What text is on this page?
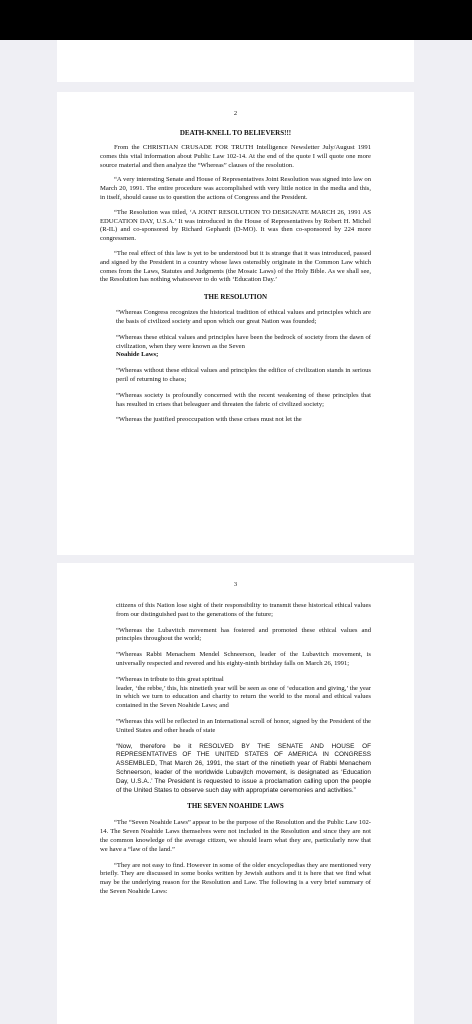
2
DEATH-KNELL TO BELIEVERS!!!

From the CHRISTIAN CRUSADE FOR TRUTH Intelligence Newsletter July/August 1991 comes this vital information about Public Law 102-14. At the end of the quote I will quote one more source material and then analyze the “Whereas” clauses of the resolution.

“A very interesting Senate and House of Representatives Joint Resolution was signed into law on March 20, 1991. The entire procedure was accomplished with very little notice in the media and this, in itself, should cause us to question the actions of Congress and the President.

“The Resolution was titled, ‘A JOINT RESOLUTION TO DESIGNATE MARCH 26, 1991 AS EDUCATION DAY, U.S.A.’ It was introduced in the House of Representatives by Robert H. Michel (R-IL) and co-sponsored by Richard Gephardt (D-MO). It was then co-sponsored by 224 more congressmen.

“The real effect of this law is yet to be understood but it is strange that it was introduced, passed and signed by the President in a country whose laws ostensibly originate in the Common Law which comes from the Laws, Statutes and Judgments (the Mosaic Laws) of the Holy Bible. As we shall see, the Resolution has nothing whatsoever to do with ‘Education Day.’

THE RESOLUTION

“Whereas Congress recognizes the historical tradition of ethical values and principles which are the basis of civilized society and upon which our great Nation was founded;

“Whereas these ethical values and principles have been the bedrock of society from the dawn of civilization, when they were known as the Seven

Noahide Laws;

“Whereas without these ethical values and principles the edifice of civilization stands in serious peril of returning to chaos;

“Whereas society is profoundly concerned with the recent weakening of these principles that has resulted in crises that beleaguer and threaten the fabric of civilized society;

“Whereas the justified preoccupation with these crises must not let the

3

citizens of this Nation lose sight of their responsibility to transmit these historical ethical values from our distinguished past to the generations of the future;

“Whereas the Lubavitch movement has fostered and promoted these ethical values and principles throughout the world;

“Whereas Rabbi Menachem Mendel Schneerson, leader of the Lubavitch movement, is universally respected and revered and his eighty-ninth birthday falls on March 26, 1991;

“Whereas in tribute to this great spiritual

leader, ‘the rebbe,’ this, his ninetieth year will be seen as one of ‘education and giving,’ the year in which we turn to education and charity to return the world to the moral and ethical values contained in the Seven Noahide Laws; and

“Whereas this will be reflected in an International scroll of honor, signed by the President of the United States and other heads of state

“Now, therefore be it RESOLVED BY THE SENATE AND HOUSE OF REPRESENTATIVES OF THE UNITED STATES OF AMERICA IN CONGRESS ASSEMBLED, That March 26, 1991, the start of the ninetieth year of Rabbi Menachem Schneerson, leader of the worldwide Lubavjtch movement, is designated as ‘Education Day, U.S.A..’ The President is requested to issue a proclamation calling upon the people of the United States to observe such day with appropriate ceremonies and activities.”

THE SEVEN NOAHIDE LAWS

“The “Seven Noahide Laws” appear to be the purpose of the Resolution and the Public Law 102-14. The Seven Noahide Laws themselves were not included in the Resolution and since they are not the common knowledge of the average citizen, we should learn what they are, particularly now that we have a “law of the land.”

“They are not easy to find. However in some of the older encyclopedias they are mentioned very briefly. They are discussed in some books written by Jewish authors and it is here that we find what may be the underlying reason for the Resolution and Law. The following is a very brief summary of the Seven Noahide Laws:
